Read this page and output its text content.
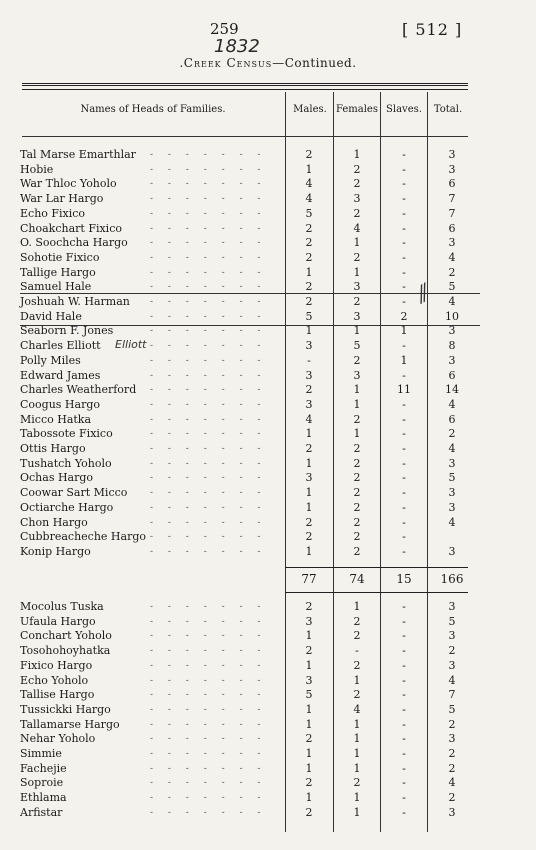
259
1832
[ 512 ]
.Creek Census—Continued.
Names of Heads of Families.	Males. Females Slaves.	Total.
Tal Marse Emarthlar - - - - - - -	2	1	-	3
Hobie	- - - - - - -	1	2	-	3
War Thloc Yoholo	- - - - - - -	4	2	-	6
War Lar Hargo	- - - - - - -	4	3	-	7
Echo Fixico	- - - - - - -	5	2	-	7
Choakchart Fixico	- - - - - - -	2	4	-	6
O. Soochcha Hargo - - - - - - -	2	1	-	3
Sohotie Fixico	- - - - - - -	2	2	-	4
Tallige Hargo	- - - - - - -	1	1	-	2
Samuel Hale	- - - - - - -	2	3	-	5
Joshuah W. Harman - - - - - - -	2	2	-	4
David Hale	- - - - - - -	5	3	2	10
Seaborn F. Jones	- - - - - - -	1	1	1	3
Charles Elliott	- - - - - - -	3	5	-	8
Polly Miles	- - - - - - -	-	2	1	3
Edward James	- - - - - - -	3	3	-	6
Charles Weatherford - - - - - - -	2	1	11	14
Coogus Hargo	- - - - - - -	3	1	-	4
Micco Hatka	- - - - - - -	4	2	-	6
Tabossote Fixico	- - - - - - -	1	1	-	2
Ottis Hargo	- - - - - - -	2	2	-	4
Tushatch Yoholo	- - - - - - -	1	2	-	3
Ochas Hargo	- - - - - - -	3	2	-	5
Coowar Sart Micco	- - - - - - -	1	2	-	3
Octiarche Hargo	- - - - - - -	1	2	-	3
Chon Hargo	- - - - - - -	2	2	-	4
Cubbreacheche Hargo - - - - - - -	2	2	-
Konip Hargo	- - - - - - -	1	2	-	3
⁄⁄
Elliott
77	74	15	166
Mocolus Tuska	- - - - - - -	2	1	-	3
Ufaula Hargo	- - - - - - -	3	2	-	5
Conchart Yoholo	- - - - - - -	1	2	-	3
Tosohohoyhatka	- - - - - - -	2	-	-	2
Fixico Hargo	- - - - - - -	1	2	-	3
Echo Yoholo	- - - - - - -	3	1	-	4
Tallise Hargo	- - - - - - -	5	2	-	7
Tussickki Hargo	- - - - - - -	1	4	-	5
Tallamarse Hargo	- - - - - - -	1	1	-	2
Nehar Yoholo	- - - - - - -	2	1	-	3
Simmie	- - - - - - -	1	1	-	2
Fachejie	- - - - - - -	1	1	-	2
Soproie	- - - - - - -	2	2	-	4
Ethlama	- - - - - - -	1	1	-	2
Arfistar	- - - - - - -	2	1	-	3
